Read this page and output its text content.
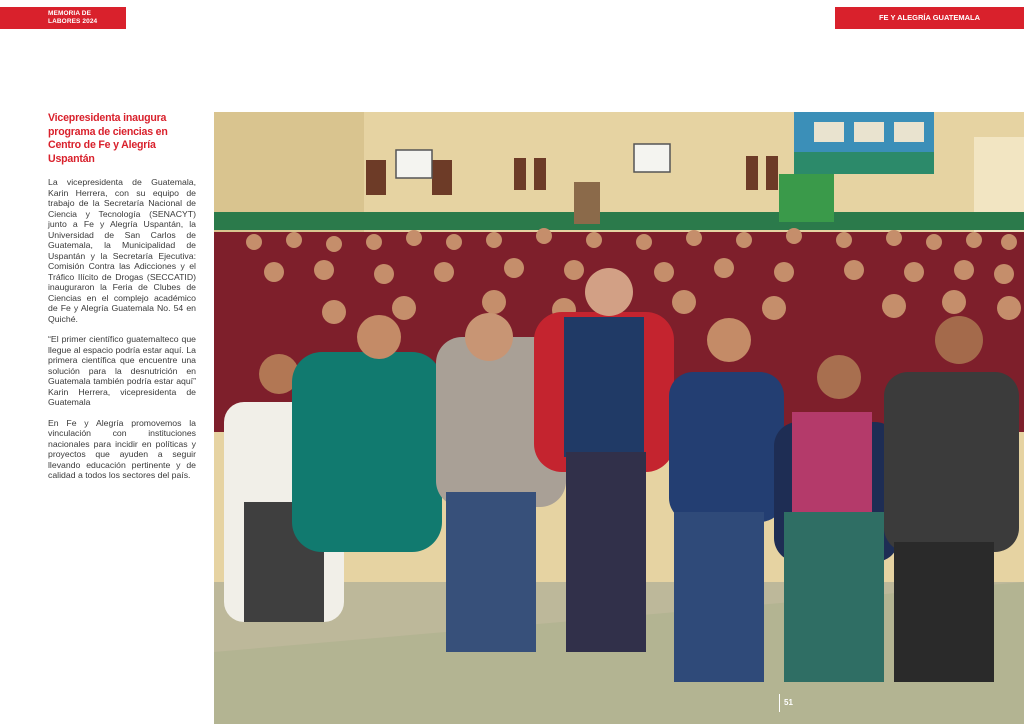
MEMORIA DE
LABORES 2024	FE Y ALEGRÍA GUATEMALA
Vicepresidenta inaugura programa de ciencias en Centro de Fe y Alegría Uspantán

La vicepresidenta de Guatemala, Karin Herrera, con su equipo de trabajo de la Secretaría Nacional de Ciencia y Tecnología (SENACYT) junto a Fe y Alegría Uspantán, la Universidad de San Carlos de Guatemala, la Municipalidad de Uspantán y la Secretaría Ejecutiva: Comisión Contra las Adicciones y el Tráfico Ilícito de Drogas (SECCATID) inauguraron la Feria de Clubes de Ciencias en el complejo académico de Fe y Alegría Guatemala No. 54 en Quiché.

“El primer científico guatemalteco que llegue al espacio podría estar aquí. La primera científica que encuentre una solución para la desnutrición en Guatemala también podría estar aquí” Karin Herrera, vicepresidenta de Guatemala

En Fe y Alegría promovemos la vinculación con instituciones nacionales para incidir en políticas y proyectos que ayuden a seguir llevando educación pertinente y de calidad a todos los sectores del país.

51
